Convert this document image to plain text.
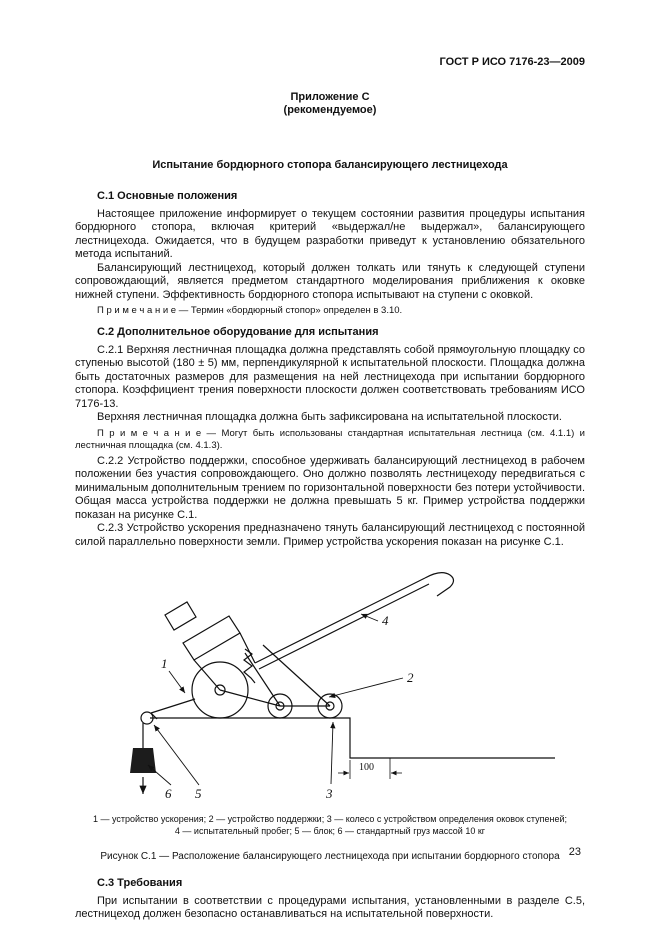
ГОСТ Р ИСО 7176-23—2009
Приложение С
(рекомендуемое)
Испытание бордюрного стопора балансирующего лестницехода
С.1 Основные положения

Настоящее приложение информирует о текущем состоянии развития процедуры испытания бордюрного стопора, включая критерий «выдержал/не выдержал», балансирующего лестницехода. Ожидается, что в будущем разработки приведут к установлению обязательного метода испытаний.

Балансирующий лестницеход, который должен толкать или тянуть к следующей ступени сопровождающий, является предметом стандартного моделирования приближения к оковке нижней ступени. Эффективность бордюрного стопора испытывают на ступени с оковкой.

П р и м е ч а н и е — Термин «бордюрный стопор» определен в 3.10.

С.2 Дополнительное оборудование для испытания

С.2.1 Верхняя лестничная площадка должна представлять собой прямоугольную площадку со ступенью высотой (180 ± 5) мм, перпендикулярной к испытательной плоскости. Площадка должна быть достаточных размеров для размещения на ней лестницехода при испытании бордюрного стопора. Коэффициент трения поверхности плоскости должен соответствовать требованиям ИСО 7176-13.

Верхняя лестничная площадка должна быть зафиксирована на испытательной плоскости.

П р и м е ч а н и е — Могут быть использованы стандартная испытательная лестница (см. 4.1.1) и лестничная площадка (см. 4.1.3).

С.2.2 Устройство поддержки, способное удерживать балансирующий лестницеход в рабочем положении без участия сопровождающего. Оно должно позволять лестницеходу передвигаться с минимальным дополнительным трением по горизонтальной поверхности без потери устойчивости. Общая масса устройства поддержки не должна превышать 5 кг. Пример устройства поддержки показан на рисунке С.1.

С.2.3 Устройство ускорения предназначено тянуть балансирующий лестницеход с постоянной силой параллельно поверхности земли. Пример устройства ускорения показан на рисунке С.1.

1
2
3
4
5
6
100
1 — устройство ускорения; 2 — устройство поддержки; 3 — колесо с устройством определения оковок ступеней;
4 — испытательный пробег; 5 — блок; 6 — стандартный груз массой 10 кг
Рисунок С.1 — Расположение балансирующего лестницехода при испытании бордюрного стопора
С.3 Требования

При испытании в соответствии с процедурами испытания, установленными в разделе С.5, лестницеход должен безопасно останавливаться на испытательной поверхности.

23
